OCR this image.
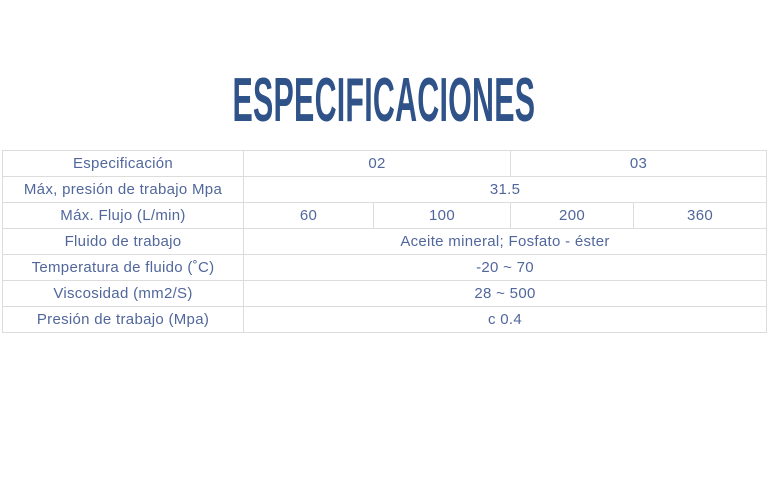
ESPECIFICACIONES
Especificación	02		03	
Máx, presión de trabajo Mpa	31.5			
Máx. Flujo (L/min)	60	100	200	360
Fluido de trabajo	Aceite mineral; Fosfato - éster			
Temperatura de fluido (˚C)	-20 ~ 70			
Viscosidad (mm2/S)	28 ~ 500			
Presión de trabajo (Mpa)	c 0.4			
